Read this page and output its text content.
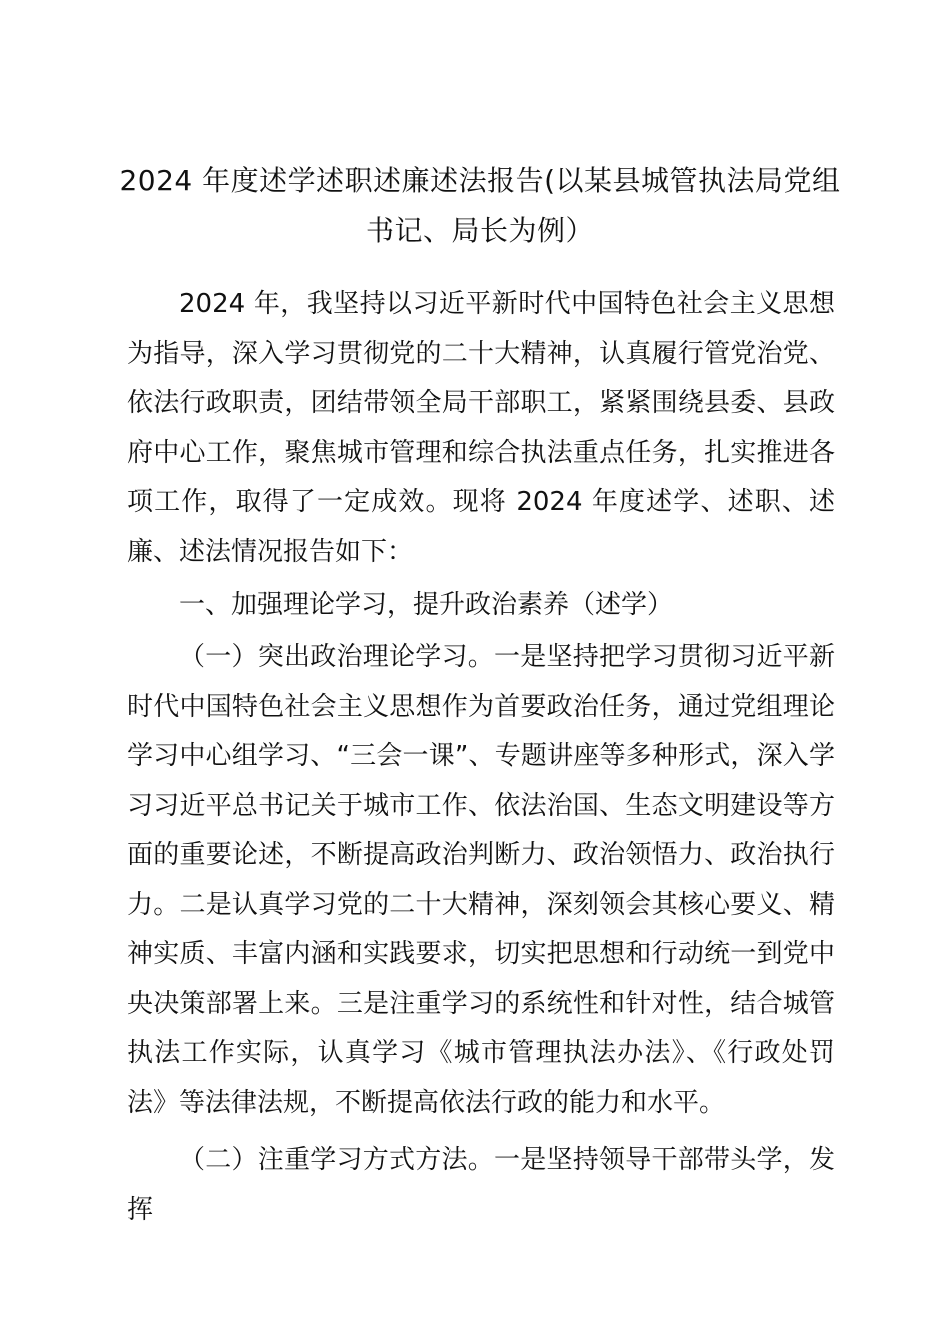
2024 年度述学述职述廉述法报告(以某县城管执法局党组书记、局长为例）

2024 年，我坚持以习近平新时代中国特色社会主义思想为指导，深入学习贯彻党的二十大精神，认真履行管党治党、依法行政职责，团结带领全局干部职工，紧紧围绕县委、县政府中心工作，聚焦城市管理和综合执法重点任务，扎实推进各项工作，取得了一定成效。现将 2024 年度述学、述职、述廉、述法情况报告如下：

一、加强理论学习，提升政治素养（述学）

（一）突出政治理论学习。一是坚持把学习贯彻习近平新时代中国特色社会主义思想作为首要政治任务，通过党组理论学习中心组学习、“三会一课”、专题讲座等多种形式，深入学习习近平总书记关于城市工作、依法治国、生态文明建设等方面的重要论述，不断提高政治判断力、政治领悟力、政治执行力。二是认真学习党的二十大精神，深刻领会其核心要义、精神实质、丰富内涵和实践要求，切实把思想和行动统一到党中央决策部署上来。三是注重学习的系统性和针对性，结合城管执法工作实际，认真学习《城市管理执法办法》、《行政处罚法》等法律法规，不断提高依法行政的能力和水平。

（二）注重学习方式方法。一是坚持领导干部带头学，发挥
